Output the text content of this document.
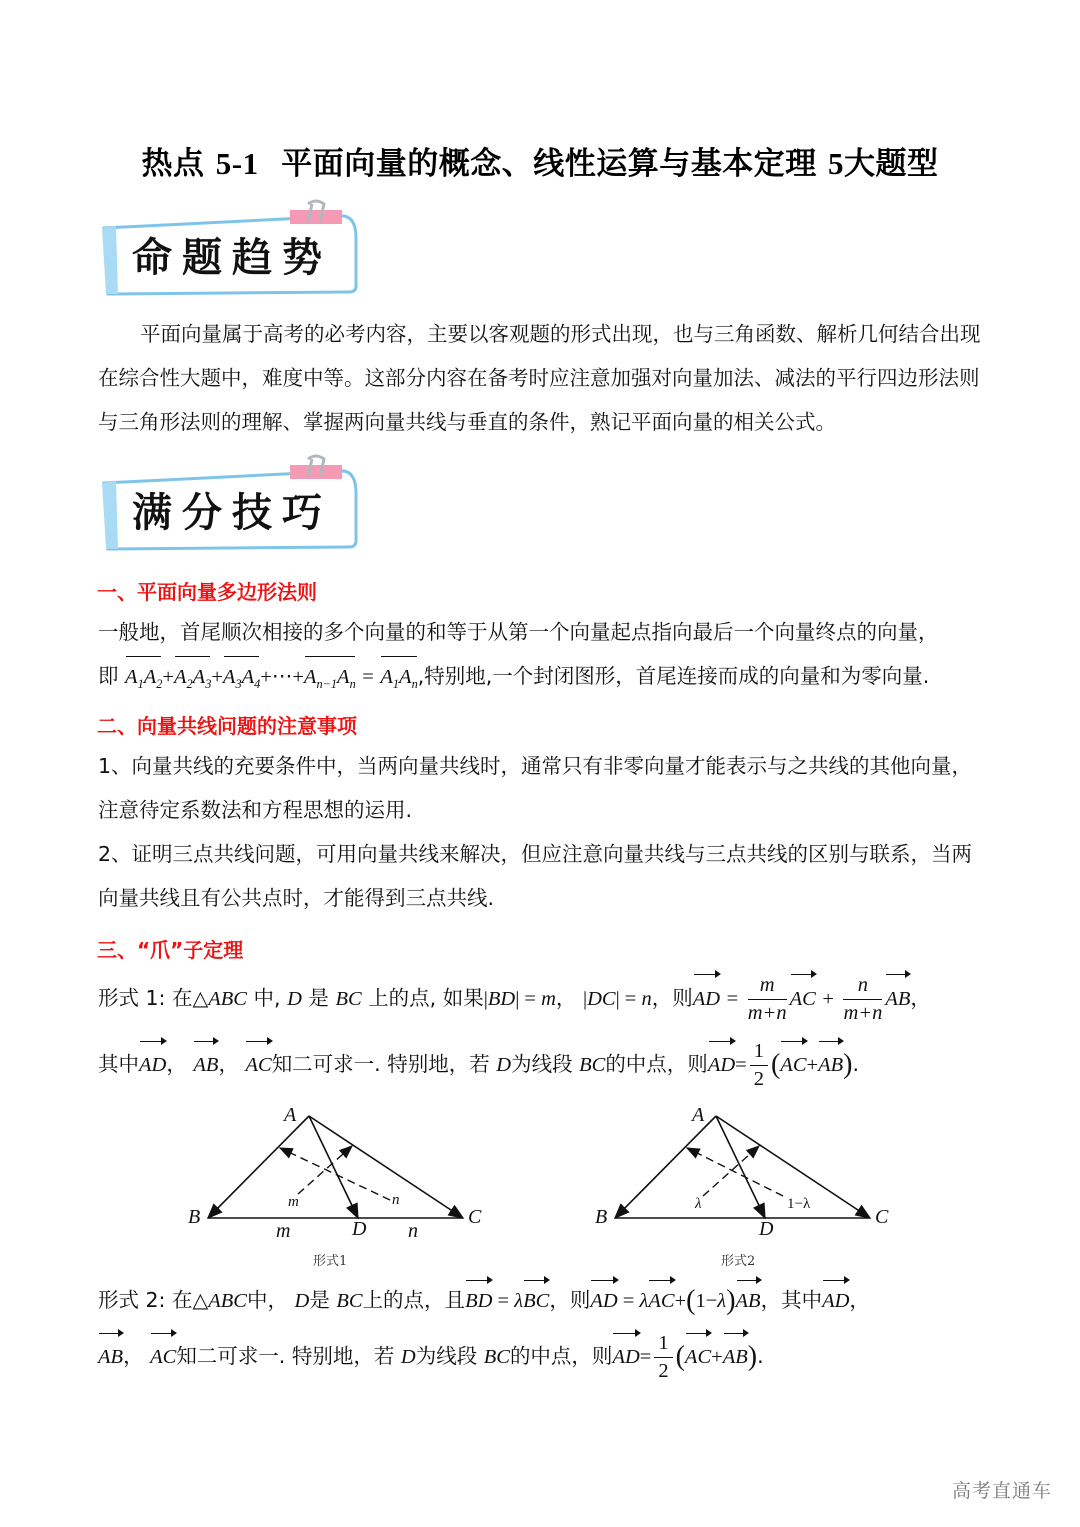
热点 5-1 平面向量的概念、线性运算与基本定理 5大题型
命题趋势
平面向量属于高考的必考内容，主要以客观题的形式出现，也与三角函数、解析几何结合出现在综合性大题中，难度中等。这部分内容在备考时应注意加强对向量加法、减法的平行四边形法则与三角形法则的理解、掌握两向量共线与垂直的条件，熟记平面向量的相关公式。
满分技巧
一、平面向量多边形法则
一般地，首尾顺次相接的多个向量的和等于从第一个向量起点指向最后一个向量终点的向量，
即 $A_1A_2+A_2A_3+A_3A_4+\cdots+A_{n-1}A_n = A_1A_n$,特别地,一个封闭图形，首尾连接而成的向量和为零向量.
二、向量共线问题的注意事项
1、向量共线的充要条件中，当两向量共线时，通常只有非零向量才能表示与之共线的其他向量，注意待定系数法和方程思想的运用.
2、证明三点共线问题，可用向量共线来解决，但应注意向量共线与三点共线的区别与联系，当两向量共线且有公共点时，才能得到三点共线.
三、“爪”子定理
形式 1: 在△ABC 中, D 是 BC 上的点, 如果|BD| = m， |DC| = n，则AD = $\frac{m}{m+n}$ AC + $\frac{n}{m+n}$ AB，
其中AD， AB， AC知二可求一. 特别地，若 D为线段 BC的中点，则$AD= \frac{1}{2} (AC+AB)$.
A
B	C
D
m	n
m	n
形式1
A
B	C
D
λ	1−λ
形式2
形式 2: 在△ABC中， D是 BC上的点，且BD = λBC，则AD = λAC+(1−λ)AB，其中AD，
AB， AC知二可求一. 特别地，若 D为线段 BC的中点，则$AD= \frac{1}{2} (AC+AB)$.
高考直通车
